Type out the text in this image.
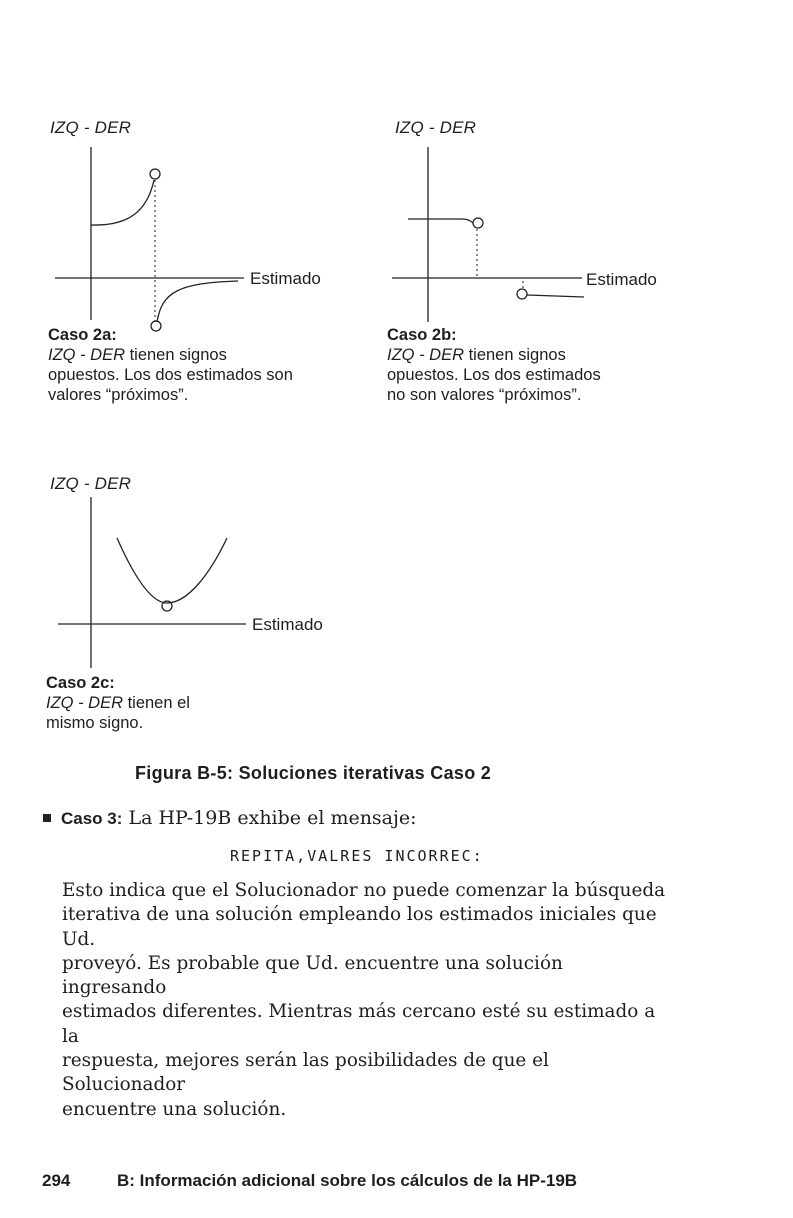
IZQ - DER
Estimado
Caso 2a:
IZQ - DER tienen signos
opuestos. Los dos estimados son
valores “próximos”.
IZQ - DER
Estimado
Caso 2b:
IZQ - DER tienen signos
opuestos. Los dos estimados
no son valores “próximos”.
IZQ - DER
Estimado
Caso 2c:
IZQ - DER tienen el
mismo signo.
Figura B-5: Soluciones iterativas Caso 2
Caso 3: La HP-19B exhibe el mensaje:
REPITA,VALRES INCORREC:
Esto indica que el Solucionador no puede comenzar la búsqueda
iterativa de una solución empleando los estimados iniciales que Ud.
proveyó. Es probable que Ud. encuentre una solución ingresando
estimados diferentes. Mientras más cercano esté su estimado a la
respuesta, mejores serán las posibilidades de que el Solucionador
encuentre una solución.
294	B: Información adicional sobre los cálculos de la HP-19B
